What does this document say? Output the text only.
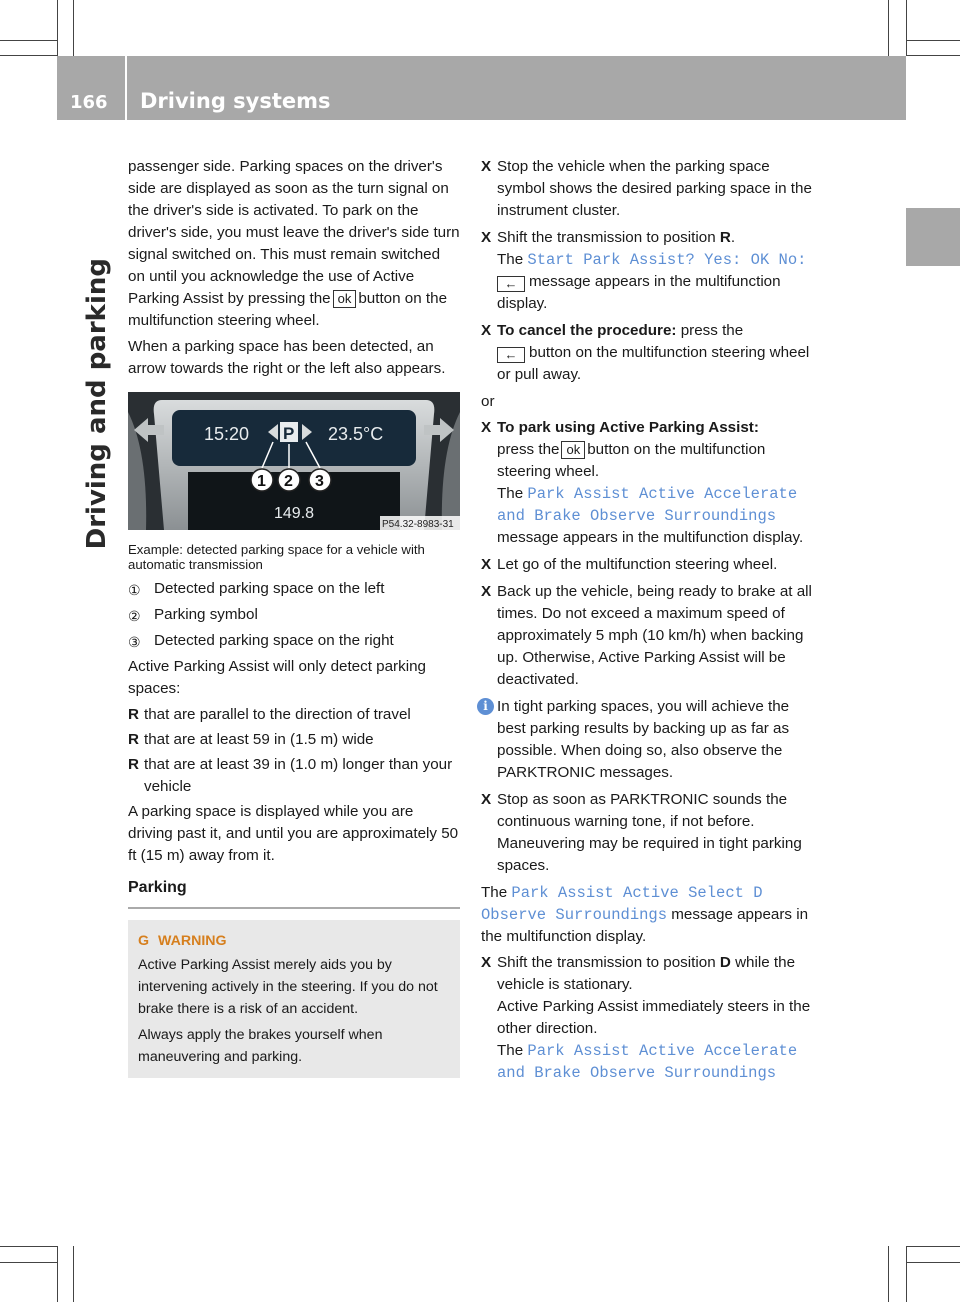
166 Driving systems
Driving and parking

passenger side. Parking spaces on the driver's side are displayed as soon as the turn signal on the driver's side is activated. To park on the driver's side, you must leave the driver's side turn signal switched on. This must remain switched on until you acknowledge the use of Active Parking Assist by pressing the ok button on the multifunction steering wheel.

When a parking space has been detected, an arrow towards the right or the left also appears.

15:20	23.5°C
P
1 2 3
149.8
P54.32-8983-31
Example: detected parking space for a vehicle with automatic transmission
① Detected parking space on the left
② Parking symbol
③ Detected parking space on the right

Active Parking Assist will only detect parking spaces:

R that are parallel to the direction of travel
R that are at least 59 in (1.5 m) wide
R that are at least 39 in (1.0 m) longer than your vehicle

A parking space is displayed while you are driving past it, and until you are approximately 50 ft (15 m) away from it.

Parking
G WARNING
Active Parking Assist merely aids you by intervening actively in the steering. If you do not brake there is a risk of an accident.
Always apply the brakes yourself when maneuvering and parking.
X Stop the vehicle when the parking space symbol shows the desired parking space in the instrument cluster.
X Shift the transmission to position R.
The Start Park Assist? Yes: OK No:
← message appears in the multifunction display.
X To cancel the procedure: press the
← button on the multifunction steering wheel or pull away.

or

X To park using Active Parking Assist:
press the ok button on the multifunction steering wheel.
The Park Assist Active Accelerate
and Brake Observe Surroundings
message appears in the multifunction display.
X Let go of the multifunction steering wheel.
X Back up the vehicle, being ready to brake at all times. Do not exceed a maximum speed of approximately 5 mph (10 km/h) when backing up. Otherwise, Active Parking Assist will be deactivated.
i In tight parking spaces, you will achieve the best parking results by backing up as far as possible. When doing so, also observe the PARKTRONIC messages.
X Stop as soon as PARKTRONIC sounds the continuous warning tone, if not before. Maneuvering may be required in tight parking spaces.

The Park Assist Active Select D
Observe Surroundings message appears in the multifunction display.

X Shift the transmission to position D while the vehicle is stationary.
Active Parking Assist immediately steers in the other direction.
The Park Assist Active Accelerate
and Brake Observe Surroundings
